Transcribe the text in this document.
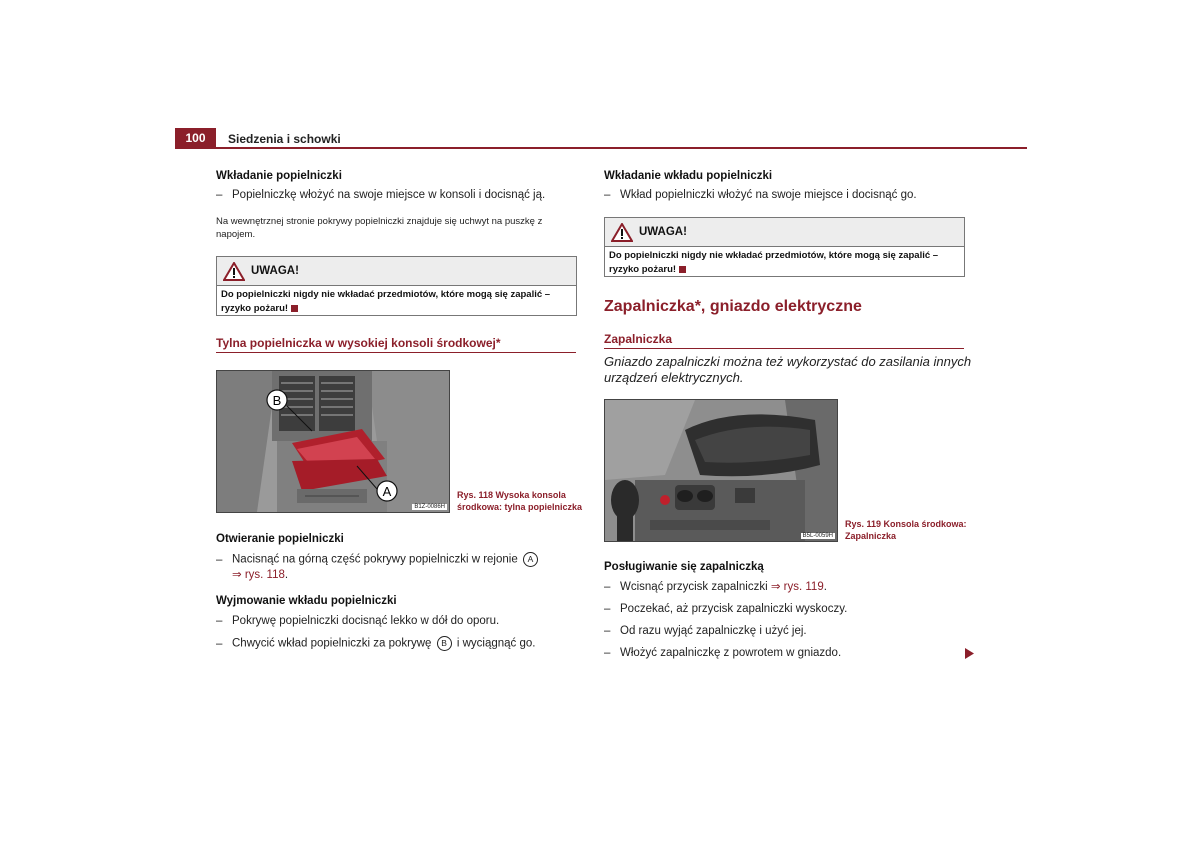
100	Siedzenia i schowki
Wkładanie popielniczki
– Popielniczkę włożyć na swoje miejsce w konsoli i docisnąć ją.
Na wewnętrznej stronie pokrywy popielniczki znajduje się uchwyt na puszkę z napojem.
UWAGA!
Do popielniczki nigdy nie wkładać przedmiotów, które mogą się zapalić –
ryzyko pożaru!
Tylna popielniczka w wysokiej konsoli środkowej*
B
A
B1Z-0086H
Rys. 118 Wysoka konsola
środkowa: tylna popielniczka
Otwieranie popielniczki
– Nacisnąć na górną część pokrywy popielniczki w rejonie A
⇒ rys. 118.
Wyjmowanie wkładu popielniczki
– Pokrywę popielniczki docisnąć lekko w dół do oporu.
– Chwycić wkład popielniczki za pokrywę B i wyciągnąć go.
Wkładanie wkładu popielniczki
– Wkład popielniczki włożyć na swoje miejsce i docisnąć go.
UWAGA!
Do popielniczki nigdy nie wkładać przedmiotów, które mogą się zapalić –
ryzyko pożaru!
Zapalniczka*, gniazdo elektryczne
Zapalniczka
Gniazdo zapalniczki można też wykorzystać do zasilania innych
urządzeń elektrycznych.
B5L-0059H
Rys. 119 Konsola środkowa:
Zapalniczka
Posługiwanie się zapalniczką
– Wcisnąć przycisk zapalniczki ⇒ rys. 119.
– Poczekać, aż przycisk zapalniczki wyskoczy.
– Od razu wyjąć zapalniczkę i użyć jej.
– Włożyć zapalniczkę z powrotem w gniazdo.
